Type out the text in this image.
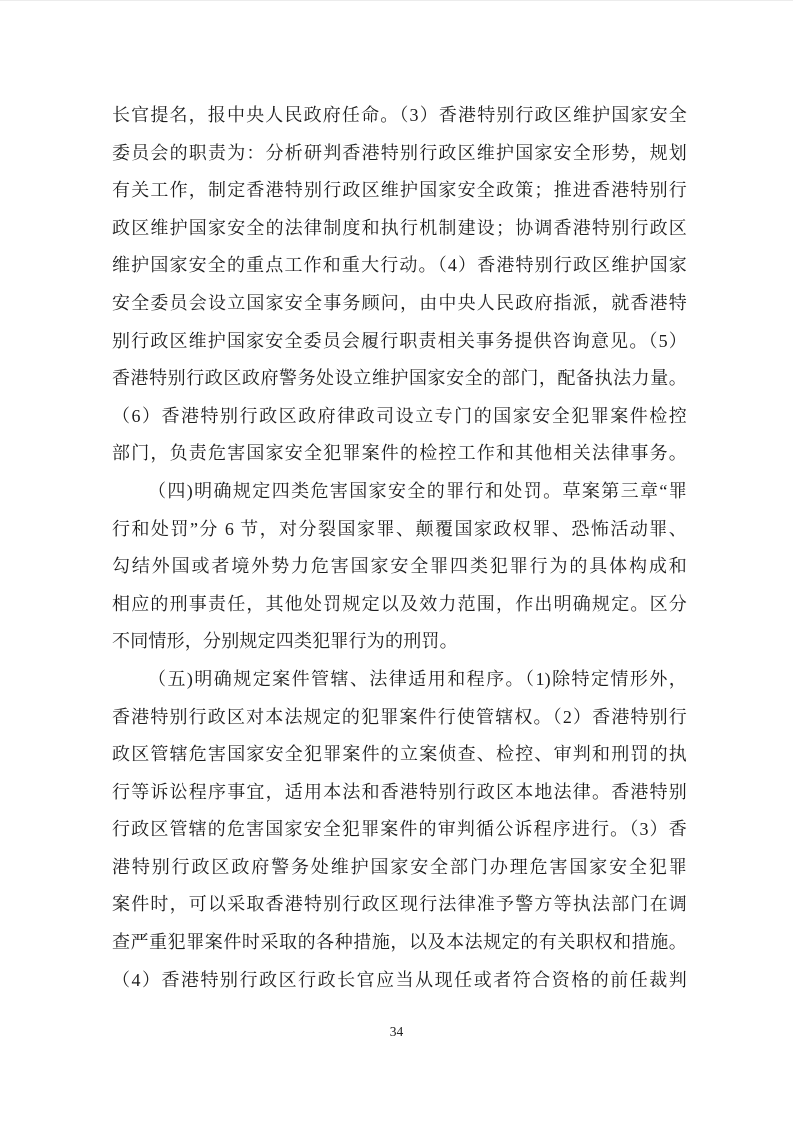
长官提名，报中央人民政府任命。（3）香港特别行政区维护国家安全
委员会的职责为：分析研判香港特别行政区维护国家安全形势，规划
有关工作，制定香港特别行政区维护国家安全政策；推进香港特别行
政区维护国家安全的法律制度和执行机制建设；协调香港特别行政区
维护国家安全的重点工作和重大行动。（4）香港特别行政区维护国家
安全委员会设立国家安全事务顾问，由中央人民政府指派，就香港特
别行政区维护国家安全委员会履行职责相关事务提供咨询意见。（5）
香港特别行政区政府警务处设立维护国家安全的部门，配备执法力量。
（6）香港特别行政区政府律政司设立专门的国家安全犯罪案件检控
部门，负责危害国家安全犯罪案件的检控工作和其他相关法律事务。
（四)明确规定四类危害国家安全的罪行和处罚。草案第三章“罪
行和处罚”分 6 节，对分裂国家罪、颠覆国家政权罪、恐怖活动罪、
勾结外国或者境外势力危害国家安全罪四类犯罪行为的具体构成和
相应的刑事责任，其他处罚规定以及效力范围，作出明确规定。区分
不同情形，分别规定四类犯罪行为的刑罚。
（五)明确规定案件管辖、法律适用和程序。（1)除特定情形外，
香港特别行政区对本法规定的犯罪案件行使管辖权。（2）香港特别行
政区管辖危害国家安全犯罪案件的立案侦查、检控、审判和刑罚的执
行等诉讼程序事宜，适用本法和香港特别行政区本地法律。香港特别
行政区管辖的危害国家安全犯罪案件的审判循公诉程序进行。（3）香
港特别行政区政府警务处维护国家安全部门办理危害国家安全犯罪
案件时，可以采取香港特别行政区现行法律准予警方等执法部门在调
查严重犯罪案件时采取的各种措施，以及本法规定的有关职权和措施。
（4）香港特别行政区行政长官应当从现任或者符合资格的前任裁判
34
